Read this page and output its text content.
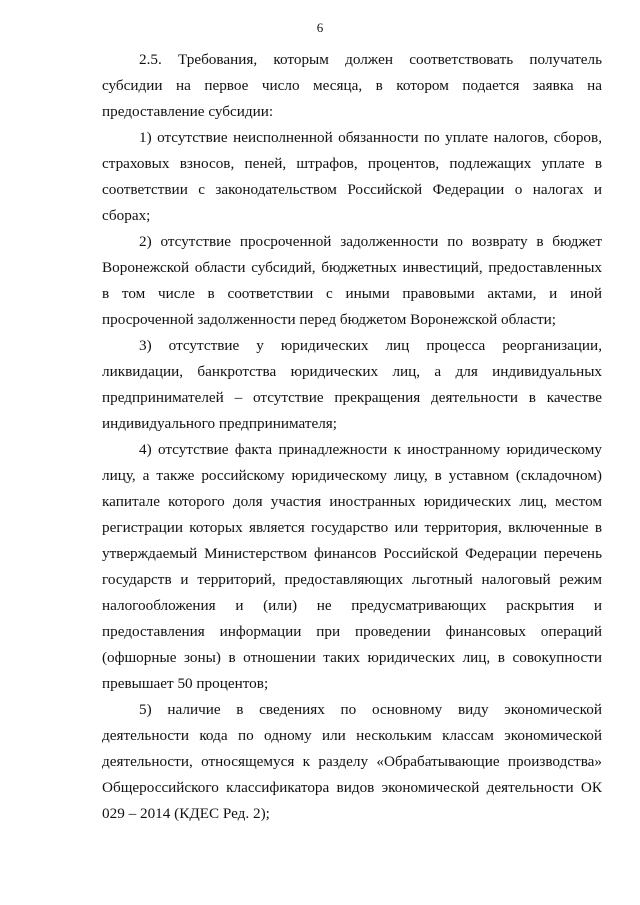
6

2.5. Требования, которым должен соответствовать получатель субсидии на первое число месяца, в котором подается заявка на предоставление субсидии:

1) отсутствие неисполненной обязанности по уплате налогов, сборов, страховых взносов, пеней, штрафов, процентов, подлежащих уплате в соответствии с законодательством Российской Федерации о налогах и сборах;

2) отсутствие просроченной задолженности по возврату в бюджет Воронежской области субсидий, бюджетных инвестиций, предоставленных в том числе в соответствии с иными правовыми актами, и иной просроченной задолженности перед бюджетом Воронежской области;

3) отсутствие у юридических лиц процесса реорганизации, ликвидации, банкротства юридических лиц, а для индивидуальных предпринимателей – отсутствие прекращения деятельности в качестве индивидуального предпринимателя;

4) отсутствие факта принадлежности к иностранному юридическому лицу, а также российскому юридическому лицу, в уставном (складочном) капитале которого доля участия иностранных юридических лиц, местом регистрации которых является государство или территория, включенные в утверждаемый Министерством финансов Российской Федерации перечень государств и территорий, предоставляющих льготный налоговый режим налогообложения и (или) не предусматривающих раскрытия и предоставления информации при проведении финансовых операций (офшорные зоны) в отношении таких юридических лиц, в совокупности превышает 50 процентов;

5) наличие в сведениях по основному виду экономической деятельности кода по одному или нескольким классам экономической деятельности, относящемуся к разделу «Обрабатывающие производства» Общероссийского классификатора видов экономической деятельности ОК 029 – 2014 (КДЕС Ред. 2);
